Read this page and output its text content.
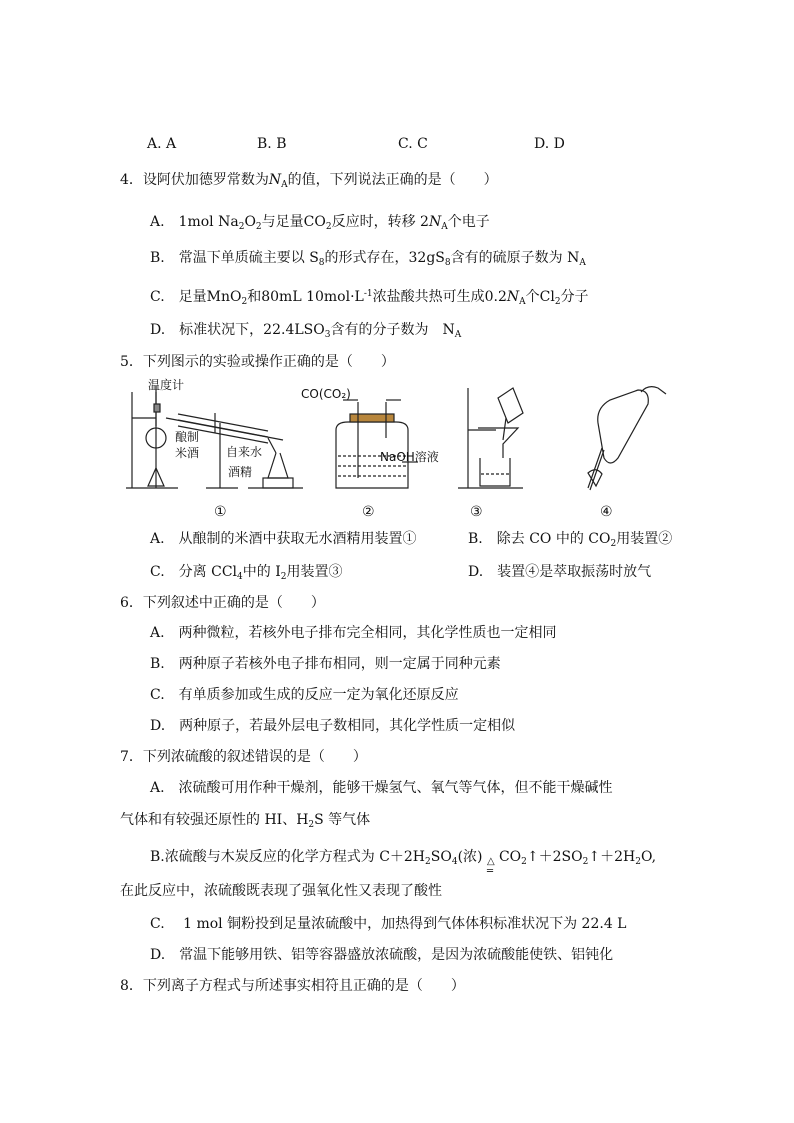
A. A	B. B	C. C	D. D
4．设阿伏加德罗常数为$N_A$的值，下列说法正确的是（　　）
A.　1mol $Na_2O_2$与足量$CO_2$反应时，转移 $2N_A$个电子
B.　常温下单质硫主要以 $S_8$的形式存在，$32gS_8$含有的硫原子数为 $N_A$
C.　足量MnO$_2$和80mL $10mol\cdot L^{-1}$浓盐酸共热可生成$0.2N_A$个$Cl_2$分子
D.　标准状况下，$22.4LSO_3$含有的分子数为　$N_A$
5．下列图示的实验或操作正确的是（　　）
温度计
酿制
米酒 自来水
酒精
CO(CO₂)
NaOH溶液
①	②	③	④
A.　从酿制的米酒中获取无水酒精用装置①	B.　除去 CO 中的 $CO_2$用装置②
C.　分离 CCl$_4$中的 $I_2$用装置③	D.　装置④是萃取振荡时放气
6．下列叙述中正确的是（　　）
A.　两种微粒，若核外电子排布完全相同，其化学性质也一定相同
B.　两种原子若核外电子排布相同，则一定属于同种元素
C.　有单质参加或生成的反应一定为氧化还原反应
D.　两种原子，若最外层电子数相同，其化学性质一定相似
7．下列浓硫酸的叙述错误的是（　　）
A.　浓硫酸可用作种干燥剂，能够干燥氢气、氧气等气体，但不能干燥碱性
气体和有较强还原性的 HI、$H_2S$ 等气体
B.浓硫酸与木炭反应的化学方程式为 $C+2H_2SO_4$(浓) △
═
$CO_2↑+2SO_2↑+2H_2O$,
在此反应中，浓硫酸既表现了强氧化性又表现了酸性
C.　 1 mol 铜粉投到足量浓硫酸中，加热得到气体体积标准状况下为 22.4 L
D.　常温下能够用铁、铝等容器盛放浓硫酸，是因为浓硫酸能使铁、铝钝化
8．下列离子方程式与所述事实相符且正确的是（　　）
